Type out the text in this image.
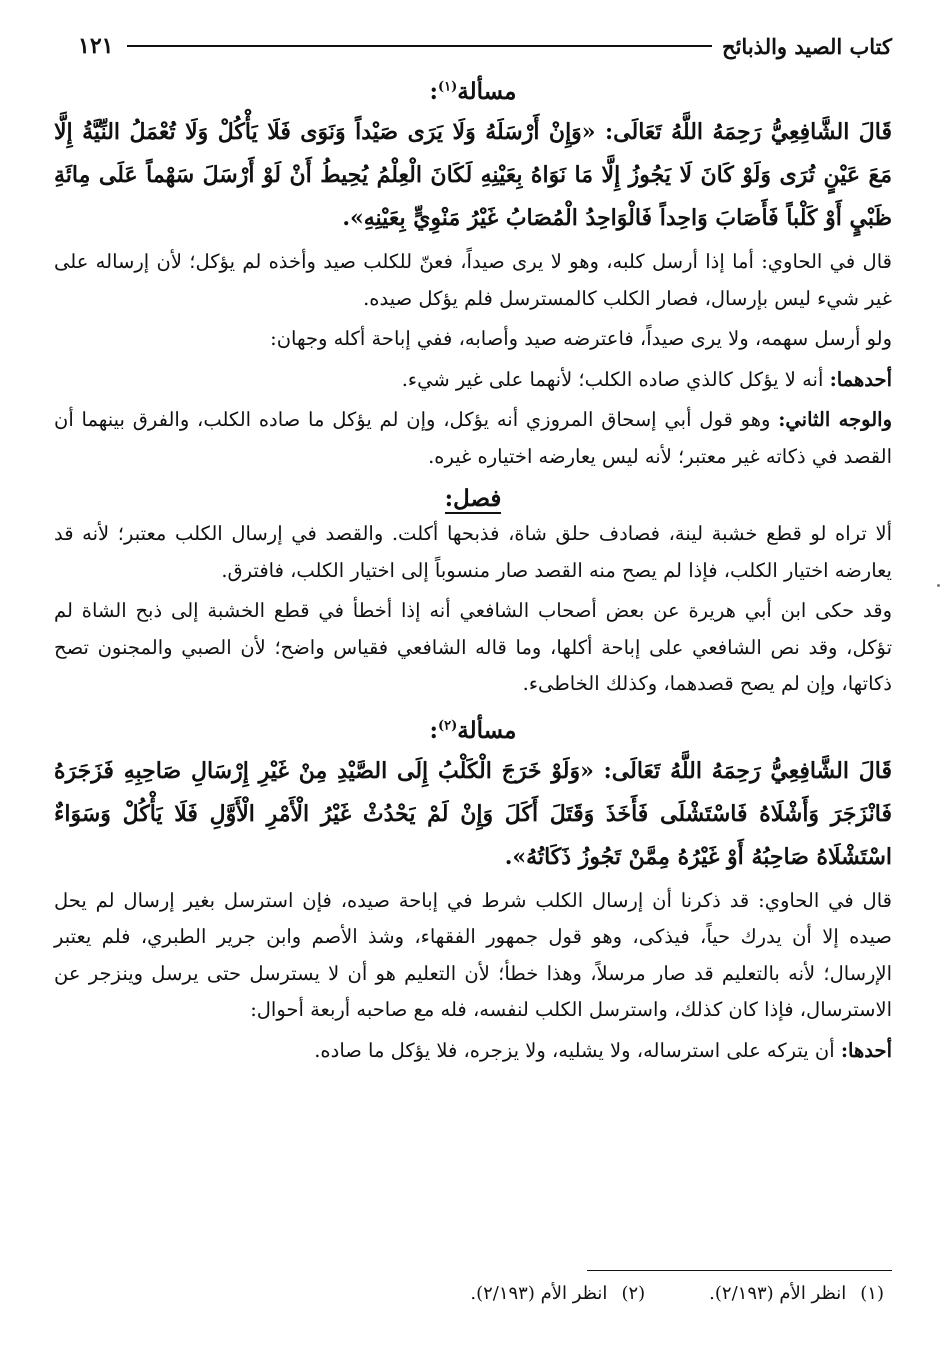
كتاب الصيد والذبائح
١٢١
مسألة$^{(١)}$:

قَالَ الشَّافِعِيُّ رَحِمَهُ اللَّهُ تَعَالَى: «وَإِنْ أَرْسَلَهُ وَلَا يَرَى صَيْداً وَنَوَى فَلَا يَأْكُلْ وَلَا تُعْمَلُ النِّيَّةُ إِلَّا مَعَ عَيْنٍ تُرَى وَلَوْ كَانَ لَا يَجُوزُ إِلَّا مَا نَوَاهُ بِعَيْنِهِ لَكَانَ الْعِلْمُ يُحِيطُ أَنْ لَوْ أَرْسَلَ سَهْماً عَلَى مِائَةِ ظَبْيٍ أَوْ كَلْباً فَأَصَابَ وَاحِداً فَالْوَاحِدُ الْمُصَابُ غَيْرُ مَنْوِيٍّ بِعَيْنِهِ».

قال في الحاوي: أما إذا أرسل كلبه، وهو لا يرى صيداً، فعنّ للكلب صيد وأخذه لم يؤكل؛ لأن إرساله على غير شيء ليس بإرسال، فصار الكلب كالمسترسل فلم يؤكل صيده.

ولو أرسل سهمه، ولا يرى صيداً، فاعترضه صيد وأصابه، ففي إباحة أكله وجهان:

أحدهما: أنه لا يؤكل كالذي صاده الكلب؛ لأنهما على غير شيء.

والوجه الثاني: وهو قول أبي إسحاق المروزي أنه يؤكل، وإن لم يؤكل ما صاده الكلب، والفرق بينهما أن القصد في ذكاته غير معتبر؛ لأنه ليس يعارضه اختياره غيره.

فصل:

ألا تراه لو قطع خشبة لينة، فصادف حلق شاة، فذبحها أكلت. والقصد في إرسال الكلب معتبر؛ لأنه قد يعارضه اختيار الكلب، فإذا لم يصح منه القصد صار منسوباً إلى اختيار الكلب، فافترق.

وقد حكى ابن أبي هريرة عن بعض أصحاب الشافعي أنه إذا أخطأ في قطع الخشبة إلى ذبح الشاة لم تؤكل، وقد نص الشافعي على إباحة أكلها، وما قاله الشافعي فقياس واضح؛ لأن الصبي والمجنون تصح ذكاتها، وإن لم يصح قصدهما، وكذلك الخاطىء.

مسألة$^{(٢)}$:

قَالَ الشَّافِعِيُّ رَحِمَهُ اللَّهُ تَعَالَى: «وَلَوْ خَرَجَ الْكَلْبُ إِلَى الصَّيْدِ مِنْ غَيْرِ إِرْسَالِ صَاحِبِهِ فَزَجَرَهُ فَانْزَجَرَ وَأَشْلَاهُ فَاسْتَشْلَى فَأَخَذَ وَقَتَلَ أَكَلَ وَإِنْ لَمْ يَحْدُثْ غَيْرُ الْأَمْرِ الْأَوَّلِ فَلَا يَأْكُلْ وَسَوَاءٌ اسْتَشْلَاهُ صَاحِبُهُ أَوْ غَيْرُهُ مِمَّنْ تَجُوزُ ذَكَاتُهُ».

قال في الحاوي: قد ذكرنا أن إرسال الكلب شرط في إباحة صيده، فإن استرسل بغير إرسال لم يحل صيده إلا أن يدرك حياً، فيذكى، وهو قول جمهور الفقهاء، وشذ الأصم وابن جرير الطبري، فلم يعتبر الإرسال؛ لأنه بالتعليم قد صار مرسلاً، وهذا خطأ؛ لأن التعليم هو أن لا يسترسل حتى يرسل وينزجر عن الاسترسال، فإذا كان كذلك، واسترسل الكلب لنفسه، فله مع صاحبه أربعة أحوال:

أحدها: أن يتركه على استرساله، ولا يشليه، ولا يزجره، فلا يؤكل ما صاده.

(١)انظر الأم (٢/١٩٣).
(٢)انظر الأم (٢/١٩٣).
